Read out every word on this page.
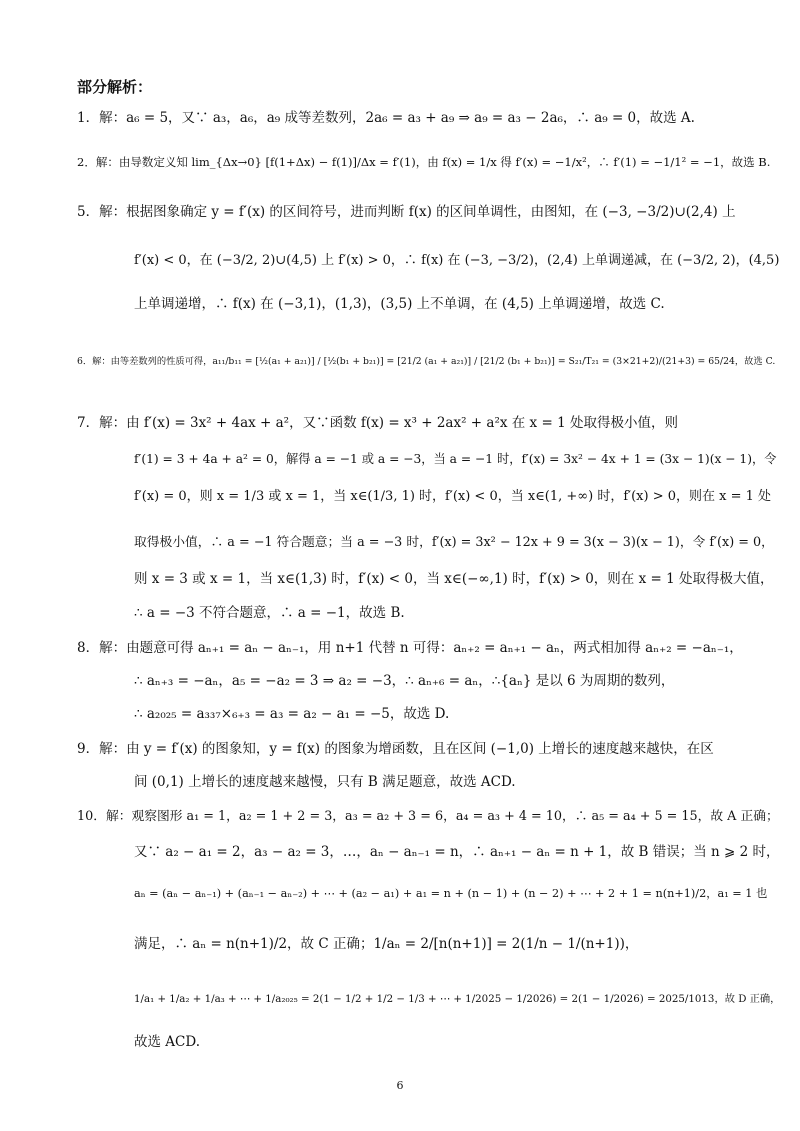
部分解析：
1．解：a₆ = 5，又∵ a₃，a₆，a₉ 成等差数列，2a₆ = a₃ + a₉ ⇒ a₉ = a₃ − 2a₆，∴ a₉ = 0，故选 A.
2．解：由导数定义知 lim_{Δx→0} [f(1+Δx) − f(1)]/Δx = f′(1)，由 f(x) = 1/x 得 f′(x) = −1/x²，∴ f′(1) = −1/1² = −1，故选 B.
5．解：根据图象确定 y = f′(x) 的区间符号，进而判断 f(x) 的区间单调性，由图知，在 (−3, −3/2)∪(2,4) 上
f′(x) < 0，在 (−3/2, 2)∪(4,5) 上 f′(x) > 0，∴ f(x) 在 (−3, −3/2)，(2,4) 上单调递减，在 (−3/2, 2)，(4,5)
上单调递增，∴ f(x) 在 (−3,1)，(1,3)，(3,5) 上不单调，在 (4,5) 上单调递增，故选 C.
6．解：由等差数列的性质可得，a₁₁/b₁₁ = [½(a₁ + a₂₁)] / [½(b₁ + b₂₁)] = [21/2 (a₁ + a₂₁)] / [21/2 (b₁ + b₂₁)] = S₂₁/T₂₁ = (3×21+2)/(21+3) = 65/24，故选 C.
7．解：由 f′(x) = 3x² + 4ax + a²，又∵函数 f(x) = x³ + 2ax² + a²x 在 x = 1 处取得极小值，则
f′(1) = 3 + 4a + a² = 0，解得 a = −1 或 a = −3，当 a = −1 时，f′(x) = 3x² − 4x + 1 = (3x − 1)(x − 1)，令
f′(x) = 0，则 x = 1/3 或 x = 1，当 x∈(1/3, 1) 时，f′(x) < 0，当 x∈(1, +∞) 时，f′(x) > 0，则在 x = 1 处
取得极小值，∴ a = −1 符合题意；当 a = −3 时，f′(x) = 3x² − 12x + 9 = 3(x − 3)(x − 1)，令 f′(x) = 0，
则 x = 3 或 x = 1，当 x∈(1,3) 时，f′(x) < 0，当 x∈(−∞,1) 时，f′(x) > 0，则在 x = 1 处取得极大值，
∴ a = −3 不符合题意，∴ a = −1，故选 B.
8．解：由题意可得 aₙ₊₁ = aₙ − aₙ₋₁，用 n+1 代替 n 可得：aₙ₊₂ = aₙ₊₁ − aₙ，两式相加得 aₙ₊₂ = −aₙ₋₁，
∴ aₙ₊₃ = −aₙ，a₅ = −a₂ = 3 ⇒ a₂ = −3，∴ aₙ₊₆ = aₙ，∴{aₙ} 是以 6 为周期的数列，
∴ a₂₀₂₅ = a₃₃₇×₆₊₃ = a₃ = a₂ − a₁ = −5，故选 D.
9．解：由 y = f′(x) 的图象知，y = f(x) 的图象为增函数，且在区间 (−1,0) 上增长的速度越来越快，在区
间 (0,1) 上增长的速度越来越慢，只有 B 满足题意，故选 ACD.
10．解：观察图形 a₁ = 1，a₂ = 1 + 2 = 3，a₃ = a₂ + 3 = 6，a₄ = a₃ + 4 = 10，∴ a₅ = a₄ + 5 = 15，故 A 正确；
又∵ a₂ − a₁ = 2，a₃ − a₂ = 3，…，aₙ − aₙ₋₁ = n，∴ aₙ₊₁ − aₙ = n + 1，故 B 错误；当 n ⩾ 2 时，
aₙ = (aₙ − aₙ₋₁) + (aₙ₋₁ − aₙ₋₂) + ⋯ + (a₂ − a₁) + a₁ = n + (n − 1) + (n − 2) + ⋯ + 2 + 1 = n(n+1)/2，a₁ = 1 也
满足，∴ aₙ = n(n+1)/2，故 C 正确；1/aₙ = 2/[n(n+1)] = 2(1/n − 1/(n+1))，
1/a₁ + 1/a₂ + 1/a₃ + ⋯ + 1/a₂₀₂₅ = 2(1 − 1/2 + 1/2 − 1/3 + ⋯ + 1/2025 − 1/2026) = 2(1 − 1/2026) = 2025/1013，故 D 正确，
故选 ACD.
6
